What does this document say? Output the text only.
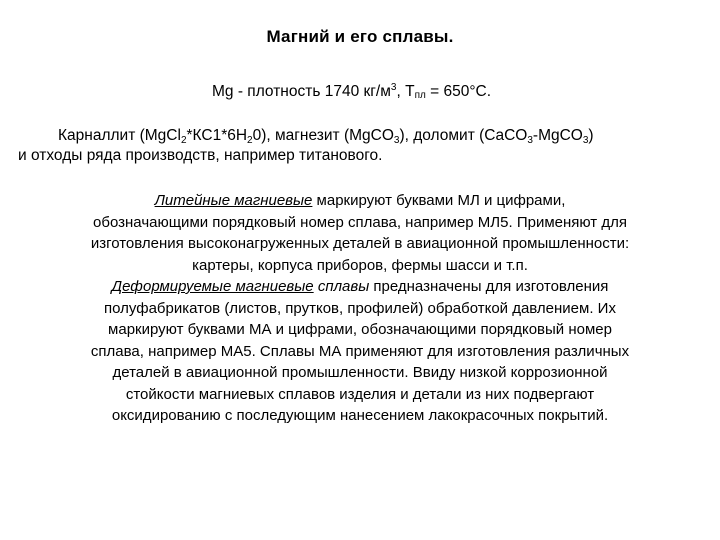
Магний и его сплавы.
Mg - плотность 1740 $кг/м^3$, $Т_{пл} = 650^\circ С$.
Карналлит $(MgCl_2*КС1*6Н_20)$, магнезит (MgCO$_3$), доломит (CaCO$_3$-MgCO$_3$)
и отходы ряда производств, например титанового.
Литейные магниевые маркируют буквами МЛ и цифрами,
обозначающими порядковый номер сплава, например МЛ5. Применяют для
изготовления высоконагруженных деталей в авиационной промышленности:
картеры, корпуса приборов, фермы шасси и т.п.
Деформируемые магниевые сплавы предназначены для изготовления
полуфабрикатов (листов, прутков, профилей) обработкой давлением. Их
маркируют буквами МА и цифрами, обозначающими порядковый номер
сплава, например МА5. Сплавы МА применяют для изготовления различных
деталей в авиационной промышленности. Ввиду низкой коррозионной
стойкости магниевых сплавов изделия и детали из них подвергают
оксидированию с последующим нанесением лакокрасочных покрытий.
